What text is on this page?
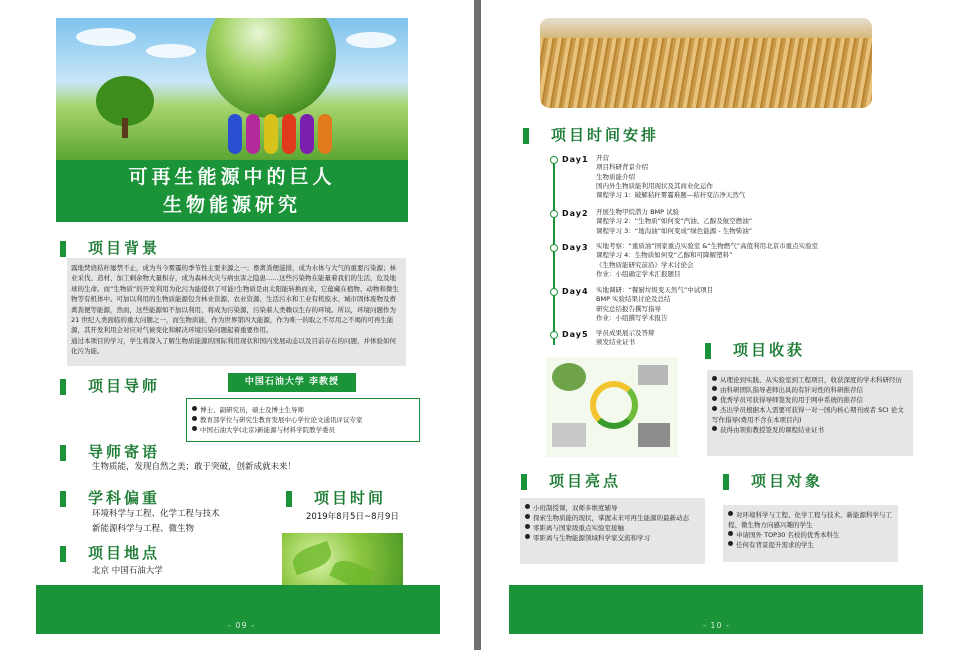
可再生能源中的巨人
生物能源研究
项目背景

露地焚烧秸秆屡禁不止，成为当今雾霾的季节性主要来源之一；畜禽粪便滋排，成为水体与大气的重要污染源；林业采伐、造材、加工剩余物大量积存，成为森林火灾与病虫害之隐患……这些污染物在能量着我们的生活，危及地球的生命。而“生物质”的开发利用为化污为能提供了可能!生物质是由太阳能转换而来，它蕴藏在植物、动物和微生物等有机体中。可加以利用的生物质能源包含林业资源、农业资源、生活污水和工业有机废水、城市固体废物及畜禽粪便等能源，然而，这些能源如不加以利用，将成为污染源，污染着人类赖以生存的环境。所以，环境问题作为 21 世纪人类面临的重大问题之一，而生物质能，作为世界第四大能源，作为唯一的取之不尽用之不竭的可再生能源，其开发利用会对应对气候变化和解决环境污染问题起着重要作用。

通过本项目的学习，学生将深入了解生物质能源的国际利用现状和国内发展动态以及目前存在的问题，并体验如何化污为能。

项目导师	中国石油大学 李教授
博士、副研究员，硕士及博士生导师
教育部学位与研究生教育发展中心学位论文通讯评议专家
中国石油大学(北京)新能源与材料学院教学委员
导师寄语
生物质能，发现自然之美；敢于突破，创新成就未来！
学科偏重
环境科学与工程、化学工程与技术
新能源科学与工程、微生物
项目时间
2019年8月5日~8月9日
项目地点
北京 中国石油大学
- 09 -
项目时间安排
Day1 开营
项目科研背景介绍
生物质能介绍
国内外生物质能利用现状及其商业化运作
课程学习 1：破解秸秆雾霾难题—秸秆变洁净天然气
Day2 开展生物甲烷潜力 BMP 试验
课程学习 2：“生物质”如何变“汽油、乙醇及航空燃油”
课程学习 3：“地沟油”如何变成“绿色能源 - 生物柴油”
Day3 实地考察：“重质油”国家重点实验室 &“生物燃气”高值利用北京市重点实验室
课程学习 4：生物质如何变“乙醇和可降解塑料”
《生物质能研究前沿》学术讨论会
作业：小组确定学术汇报题目
Day4 实地调研：“餐厨垃圾变天然气”中试项目
BMP 实验结果讨论及总结
研究总结报告撰写指导
作业：小组撰写学术报告
Day5 学员成果展示及答辩
颁发结业证书	项目收获
从理论到实践、从实验室到工程项目，收获深度的学术科研经历
由科研团队指导老师出具的有针对性的科研推荐信
优秀学员可获得导师签发的用于网申系统的推荐信
杰出学员根据本人需要可获得一对一国内核心期刊或者 SCI 论文写作指导(费用不含在本项目内)
获得由领衔教授签发的课程结业证书
项目亮点
小班制授课，双师多维度辅导
探索生物质能的现状，掌握未来可再生能源的最新动态
零距离与国家级重点实验室接触
零距离与生物能源领域科学家交流和学习
项目对象
对环境科学与工程、化学工程与技术、新能源科学与工程、微生物方向感兴趣的学生
申请国外 TOP30 名校的优秀本科生
任何有背景提升需求的学生
- 10 -
